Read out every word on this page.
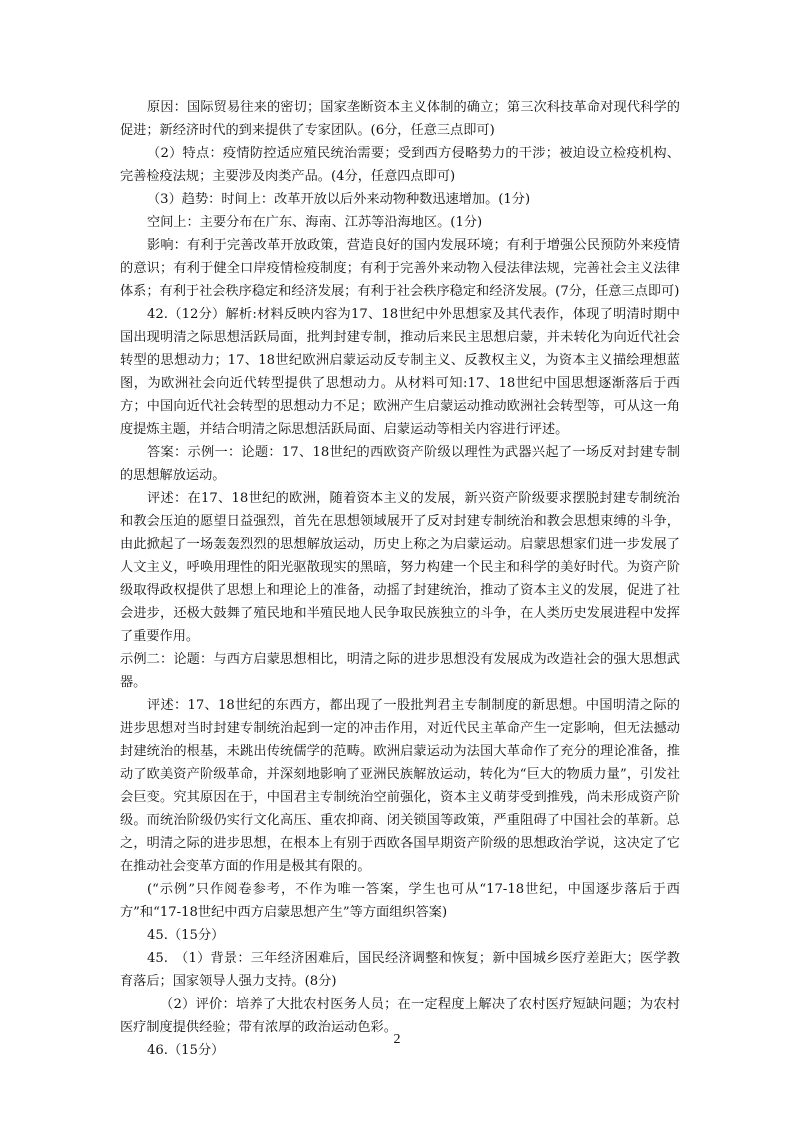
原因：国际贸易往来的密切；国家垄断资本主义体制的确立；第三次科技革命对现代科学的促进；新经济时代的到来提供了专家团队。(6分，任意三点即可)

（2）特点：疫情防控适应殖民统治需要；受到西方侵略势力的干涉；被迫设立检疫机构、完善检疫法规；主要涉及肉类产品。(4分，任意四点即可)

（3）趋势：时间上：改革开放以后外来动物种数迅速增加。(1分)

空间上：主要分布在广东、海南、江苏等沿海地区。(1分)

影响：有利于完善改革开放政策，营造良好的国内发展环境；有利于增强公民预防外来疫情的意识；有利于健全口岸疫情检疫制度；有利于完善外来动物入侵法律法规，完善社会主义法律体系；有利于社会秩序稳定和经济发展；有利于社会秩序稳定和经济发展。(7分，任意三点即可)

42.（12分）解析:材料反映内容为17、18世纪中外思想家及其代表作，体现了明清时期中国出现明清之际思想活跃局面，批判封建专制，推动后来民主思想启蒙，并未转化为向近代社会转型的思想动力；17、18世纪欧洲启蒙运动反专制主义、反教权主义，为资本主义描绘理想蓝图，为欧洲社会向近代转型提供了思想动力。从材料可知:17、18世纪中国思想逐渐落后于西方；中国向近代社会转型的思想动力不足；欧洲产生启蒙运动推动欧洲社会转型等，可从这一角度提炼主题，并结合明清之际思想活跃局面、启蒙运动等相关内容进行评述。

答案：示例一：论题：17、18世纪的西欧资产阶级以理性为武器兴起了一场反对封建专制的思想解放运动。

评述：在17、18世纪的欧洲，随着资本主义的发展，新兴资产阶级要求摆脱封建专制统治和教会压迫的愿望日益强烈，首先在思想领域展开了反对封建专制统治和教会思想束缚的斗争，由此掀起了一场轰轰烈烈的思想解放运动，历史上称之为启蒙运动。启蒙思想家们进一步发展了人文主义，呼唤用理性的阳光驱散现实的黑暗，努力构建一个民主和科学的美好时代。为资产阶级取得政权提供了思想上和理论上的准备，动摇了封建统治，推动了资本主义的发展，促进了社会进步，还极大鼓舞了殖民地和半殖民地人民争取民族独立的斗争，在人类历史发展进程中发挥了重要作用。

示例二：论题：与西方启蒙思想相比，明清之际的进步思想没有发展成为改造社会的强大思想武器。

评述：17、18世纪的东西方，都出现了一股批判君主专制制度的新思想。中国明清之际的进步思想对当时封建专制统治起到一定的冲击作用，对近代民主革命产生一定影响，但无法撼动封建统治的根基，未跳出传统儒学的范畴。欧洲启蒙运动为法国大革命作了充分的理论准备，推动了欧美资产阶级革命，并深刻地影响了亚洲民族解放运动，转化为“巨大的物质力量”，引发社会巨变。究其原因在于，中国君主专制统治空前强化，资本主义萌芽受到推残，尚未形成资产阶级。而统治阶级仍实行文化高压、重农抑商、闭关锁国等政策，严重阻碍了中国社会的革新。总之，明清之际的进步思想，在根本上有别于西欧各国早期资产阶级的思想政治学说，这决定了它在推动社会变革方面的作用是极其有限的。

(“示例”只作阅卷参考，不作为唯一答案，学生也可从“17-18世纪，中国逐步落后于西方”和“17-18世纪中西方启蒙思想产生”等方面组织答案)

45.（15分）

45.　（1）背景：三年经济困难后，国民经济调整和恢复；新中国城乡医疗差距大；医学教育落后；国家领导人强力支持。(8分)

（2）评价：培养了大批农村医务人员；在一定程度上解决了农村医疗短缺问题；为农村医疗制度提供经验；带有浓厚的政治运动色彩。

46.（15分）

2
